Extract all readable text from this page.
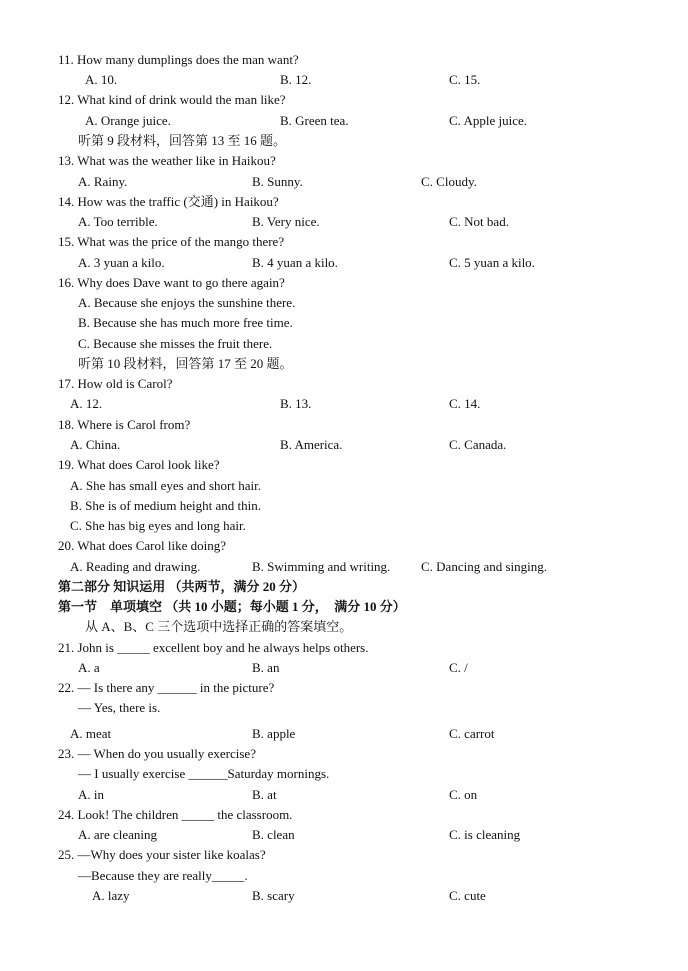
11. How many dumplings does the man want?
A. 10.	B. 12.	C. 15.
12. What kind of drink would the man like?
A. Orange juice.	B. Green tea.	C. Apple juice.
听第 9 段材料，回答第 13 至 16 题。
13. What was the weather like in Haikou?
A. Rainy.	B. Sunny.	C. Cloudy.
14. How was the traffic (交通) in Haikou?
A. Too terrible.	B. Very nice.	C. Not bad.
15. What was the price of the mango there?
A. 3 yuan a kilo.	B. 4 yuan a kilo.	C. 5 yuan a kilo.
16. Why does Dave want to go there again?
A. Because she enjoys the sunshine there.
B. Because she has much more free time.
C. Because she misses the fruit there.
听第 10 段材料，回答第 17 至 20 题。
17. How old is Carol?
A. 12.	B. 13.	C. 14.
18. Where is Carol from?
A. China.	B. America.	C. Canada.
19. What does Carol look like?
A. She has small eyes and short hair.
B. She is of medium height and thin.
C. She has big eyes and long hair.
20. What does Carol like doing?
A. Reading and drawing.	B. Swimming and writing. C. Dancing and singing.
第二部分 知识运用 （共两节，满分 20 分）
第一节　单项填空 （共 10 小题；每小题 1 分，　满分 10 分）
从 A、B、C 三个选项中选择正确的答案填空。
21. John is _____ excellent boy and he always helps others.
A. a	B. an	C. /
22. — Is there any ______ in the picture?
— Yes, there is.
A. meat	B. apple	C. carrot
23. — When do you usually exercise?
— I usually exercise ______Saturday mornings.
A. in	B. at	C. on
24. Look! The children _____ the classroom.
A. are cleaning	B. clean	C. is cleaning
25. —Why does your sister like koalas?
—Because they are really_____.
A. lazy	B. scary	C. cute
